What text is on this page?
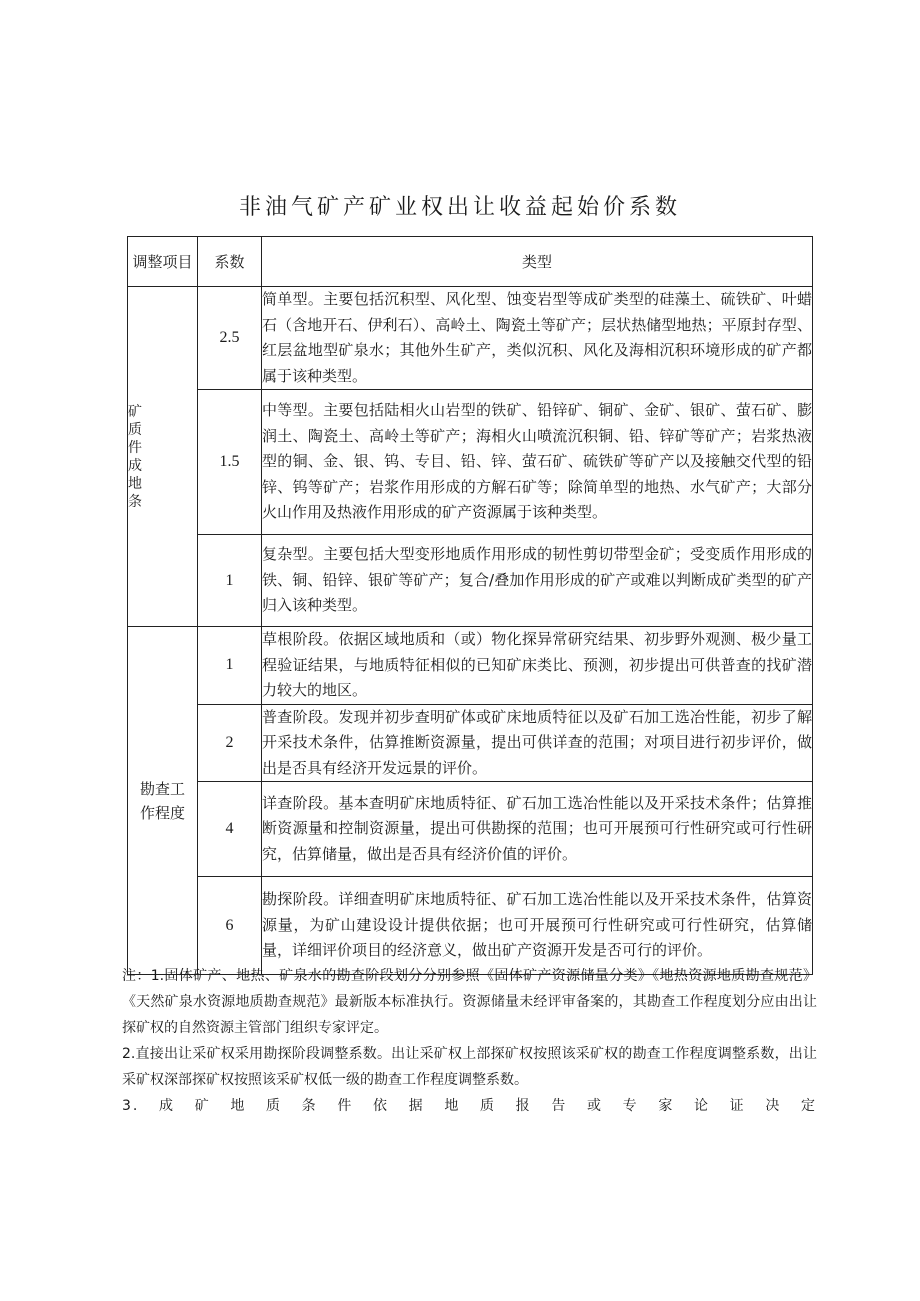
非油气矿产矿业权出让收益起始价系数
调整项目	系数	类型

矿质件成地条	2.5	简单型。主要包括沉积型、风化型、蚀变岩型等成矿类型的硅藻土、硫铁矿、叶蜡石（含地开石、伊利石）、高岭土、陶瓷土等矿产；层状热储型地热；平原封存型、红层盆地型矿泉水；其他外生矿产，类似沉积、风化及海相沉积环境形成的矿产都属于该种类型。
	1.5	中等型。主要包括陆相火山岩型的铁矿、铅锌矿、铜矿、金矿、银矿、萤石矿、膨润土、陶瓷土、高岭土等矿产；海相火山喷流沉积铜、铅、锌矿等矿产；岩浆热液型的铜、金、银、钨、专目、铅、锌、萤石矿、硫铁矿等矿产以及接触交代型的铅锌、钨等矿产；岩浆作用形成的方解石矿等；除简单型的地热、水气矿产；大部分火山作用及热液作用形成的矿产资源属于该种类型。
	1	复杂型。主要包括大型变形地质作用形成的韧性剪切带型金矿；受变质作用形成的铁、铜、铅锌、银矿等矿产；复合/叠加作用形成的矿产或难以判断成矿类型的矿产归入该种类型。

勘查工作程度	1	草根阶段。依据区域地质和（或）物化探异常研究结果、初步野外观测、极少量工程验证结果，与地质特征相似的已知矿床类比、预测，初步提出可供普查的找矿潜力较大的地区。
	2	普查阶段。发现并初步查明矿体或矿床地质特征以及矿石加工选冶性能，初步了解开采技术条件，估算推断资源量，提出可供详查的范围；对项目进行初步评价，做出是否具有经济开发远景的评价。
	4	详查阶段。基本查明矿床地质特征、矿石加工选冶性能以及开采技术条件；估算推断资源量和控制资源量，提出可供勘探的范围；也可开展预可行性研究或可行性研究，估算储量，做出是否具有经济价值的评价。
	6	勘探阶段。详细查明矿床地质特征、矿石加工选冶性能以及开采技术条件，估算资源量，为矿山建设设计提供依据；也可开展预可行性研究或可行性研究，估算储量，详细评价项目的经济意义，做出矿产资源开发是否可行的评价。

注：1.固体矿产、地热、矿泉水的勘查阶段划分分别参照《固体矿产资源储量分类》《地热资源地质勘查规范》《天然矿泉水资源地质勘查规范》最新版本标准执行。资源储量未经评审备案的，其勘查工作程度划分应由出让探矿权的自然资源主管部门组织专家评定。

2.直接出让采矿权采用勘探阶段调整系数。出让采矿权上部探矿权按照该采矿权的勘查工作程度调整系数，出让采矿权深部探矿权按照该采矿权低一级的勘查工作程度调整系数。

3.成矿地质条件依据地质报告或专家论证决定
